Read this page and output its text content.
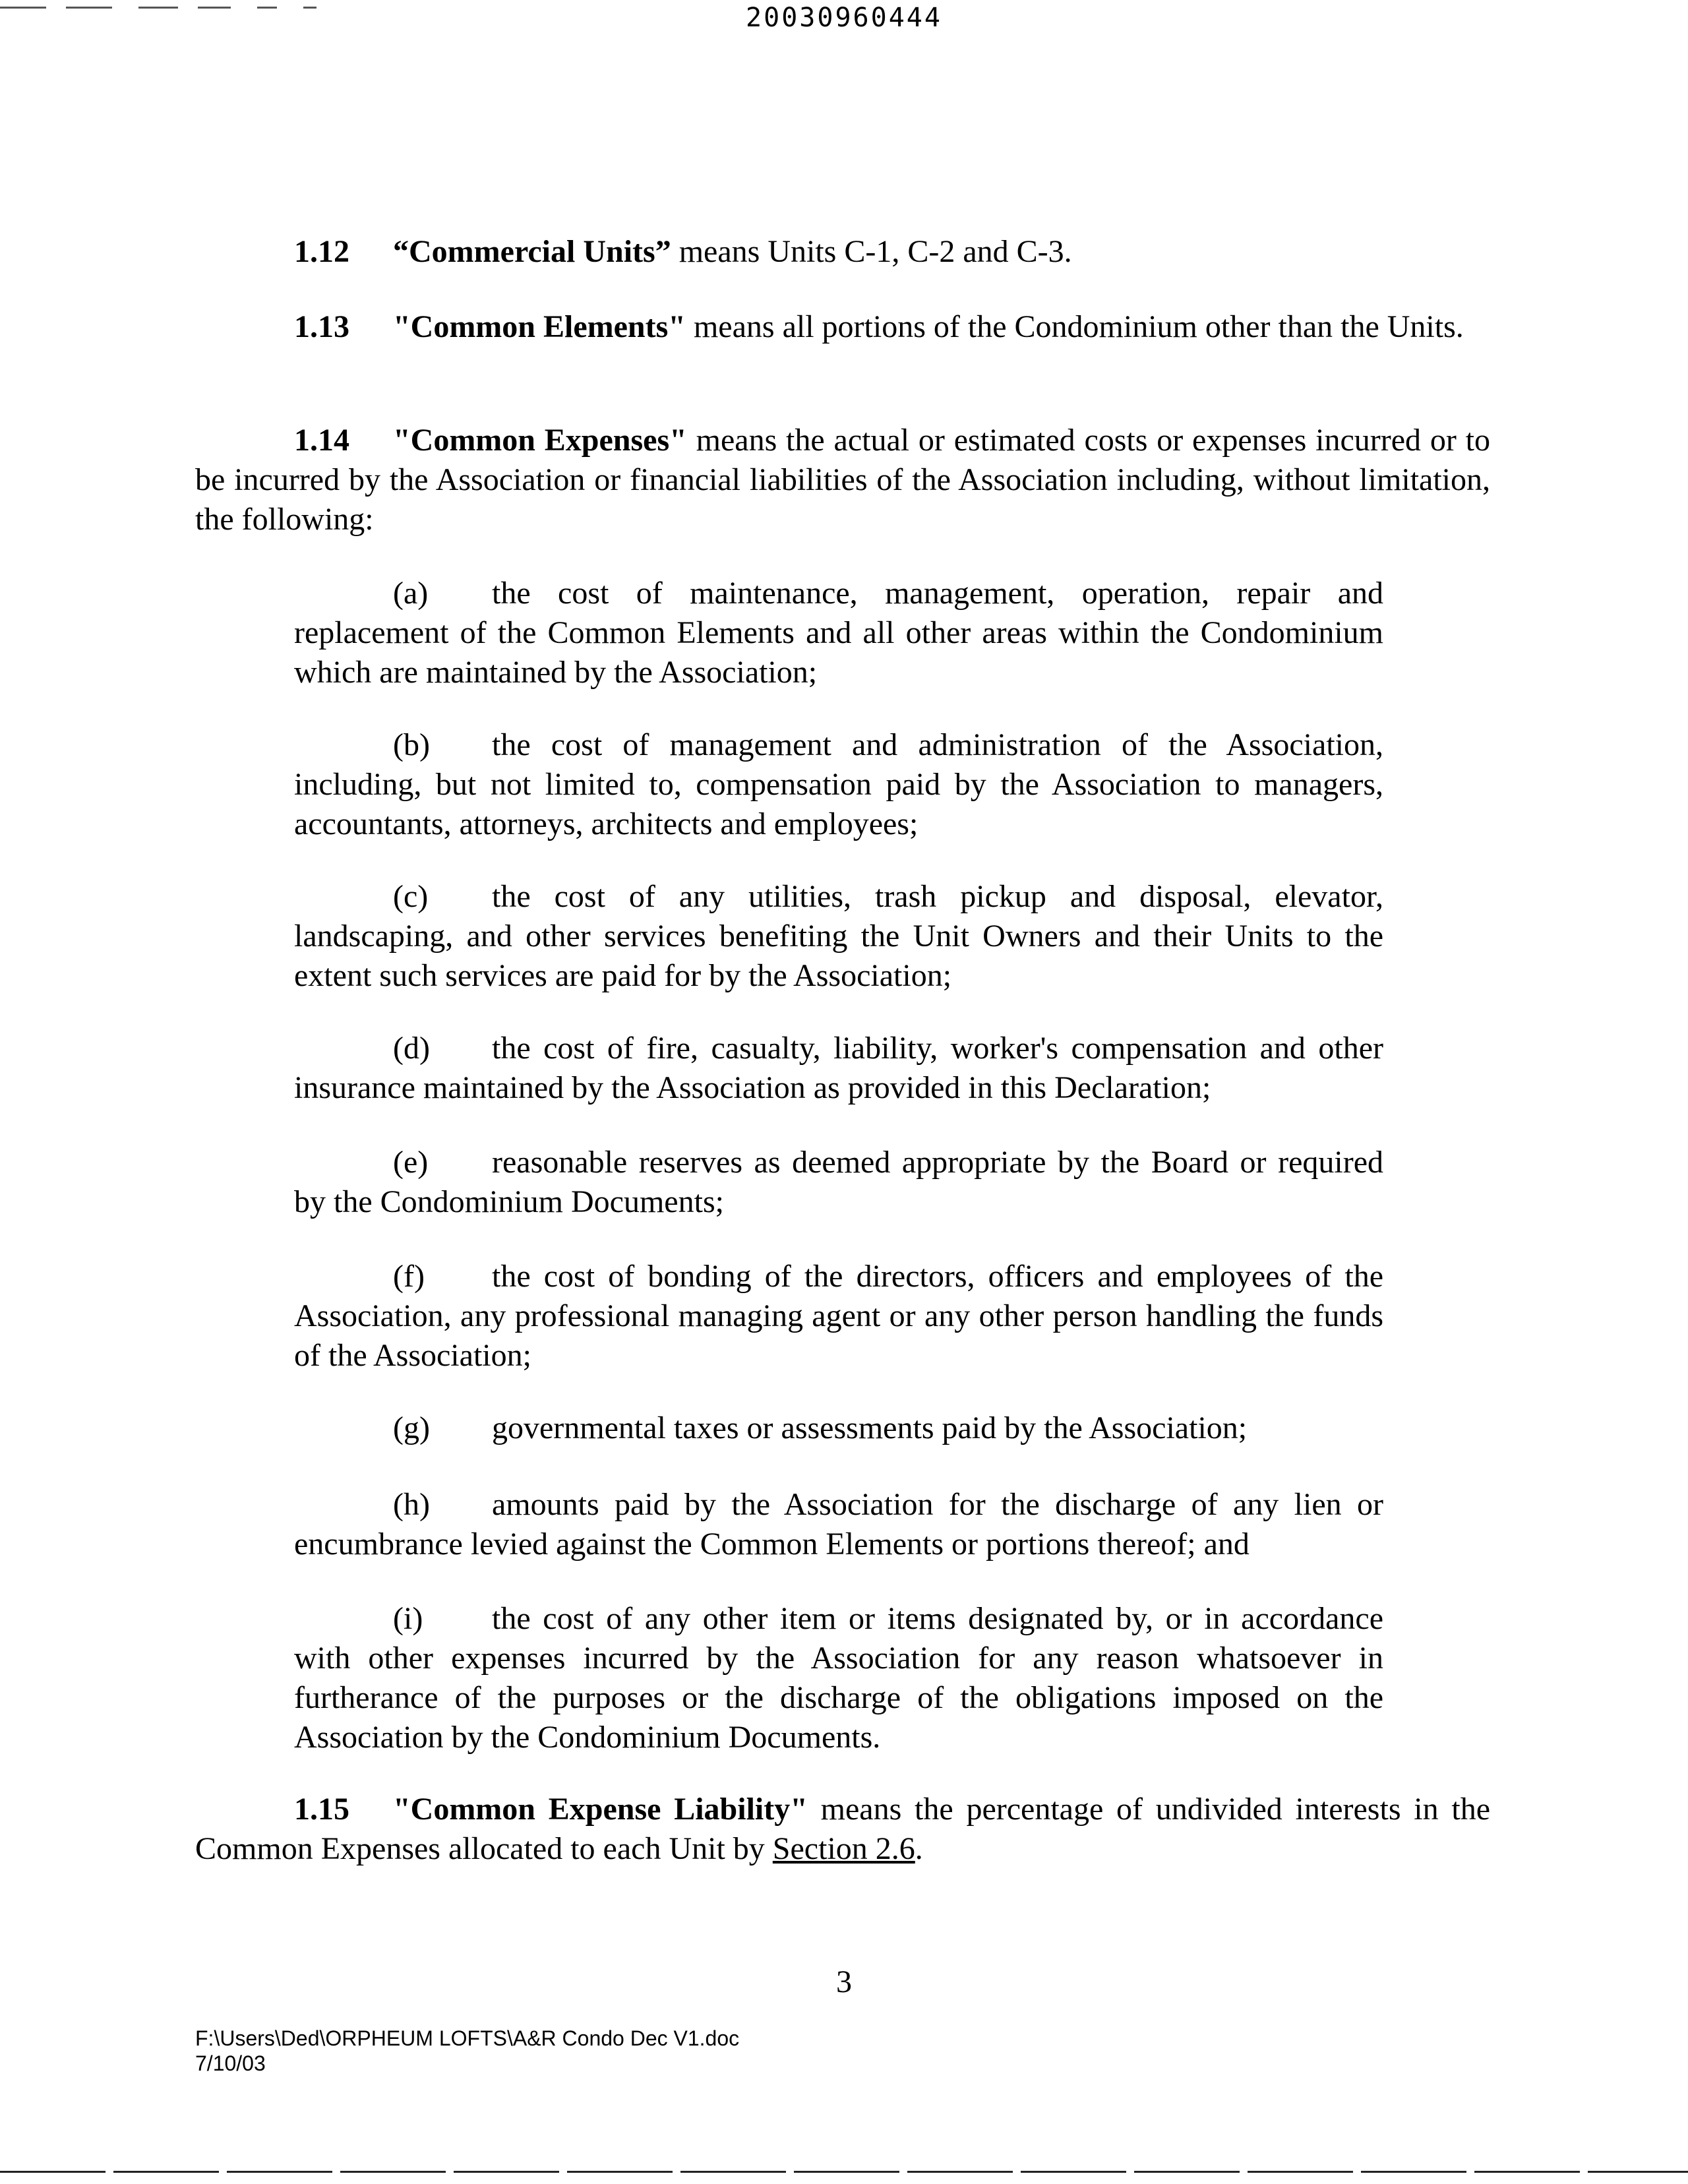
20030960444
1.12 “Commercial Units” means Units C-1, C-2 and C-3.
1.13 "Common Elements" means all portions of the Condominium other than the Units.
1.14 "Common Expenses" means the actual or estimated costs or expenses incurred or to be incurred by the Association or financial liabilities of the Association including, without limitation, the following:
(a) the cost of maintenance, management, operation, repair and replacement of the Common Elements and all other areas within the Condominium which are maintained by the Association;
(b) the cost of management and administration of the Association, including, but not limited to, compensation paid by the Association to managers, accountants, attorneys, architects and employees;
(c) the cost of any utilities, trash pickup and disposal, elevator, landscaping, and other services benefiting the Unit Owners and their Units to the extent such services are paid for by the Association;
(d) the cost of fire, casualty, liability, worker's compensation and other insurance maintained by the Association as provided in this Declaration;
(e) reasonable reserves as deemed appropriate by the Board or required by the Condominium Documents;
(f) the cost of bonding of the directors, officers and employees of the Association, any professional managing agent or any other person handling the funds of the Association;
(g) governmental taxes or assessments paid by the Association;
(h) amounts paid by the Association for the discharge of any lien or encumbrance levied against the Common Elements or portions thereof; and
(i) the cost of any other item or items designated by, or in accordance with other expenses incurred by the Association for any reason whatsoever in furtherance of the purposes or the discharge of the obligations imposed on the Association by the Condominium Documents.
1.15 "Common Expense Liability" means the percentage of undivided interests in the Common Expenses allocated to each Unit by Section 2.6.
3
F:\Users\Ded\ORPHEUM LOFTS\A&R Condo Dec V1.doc
7/10/03
